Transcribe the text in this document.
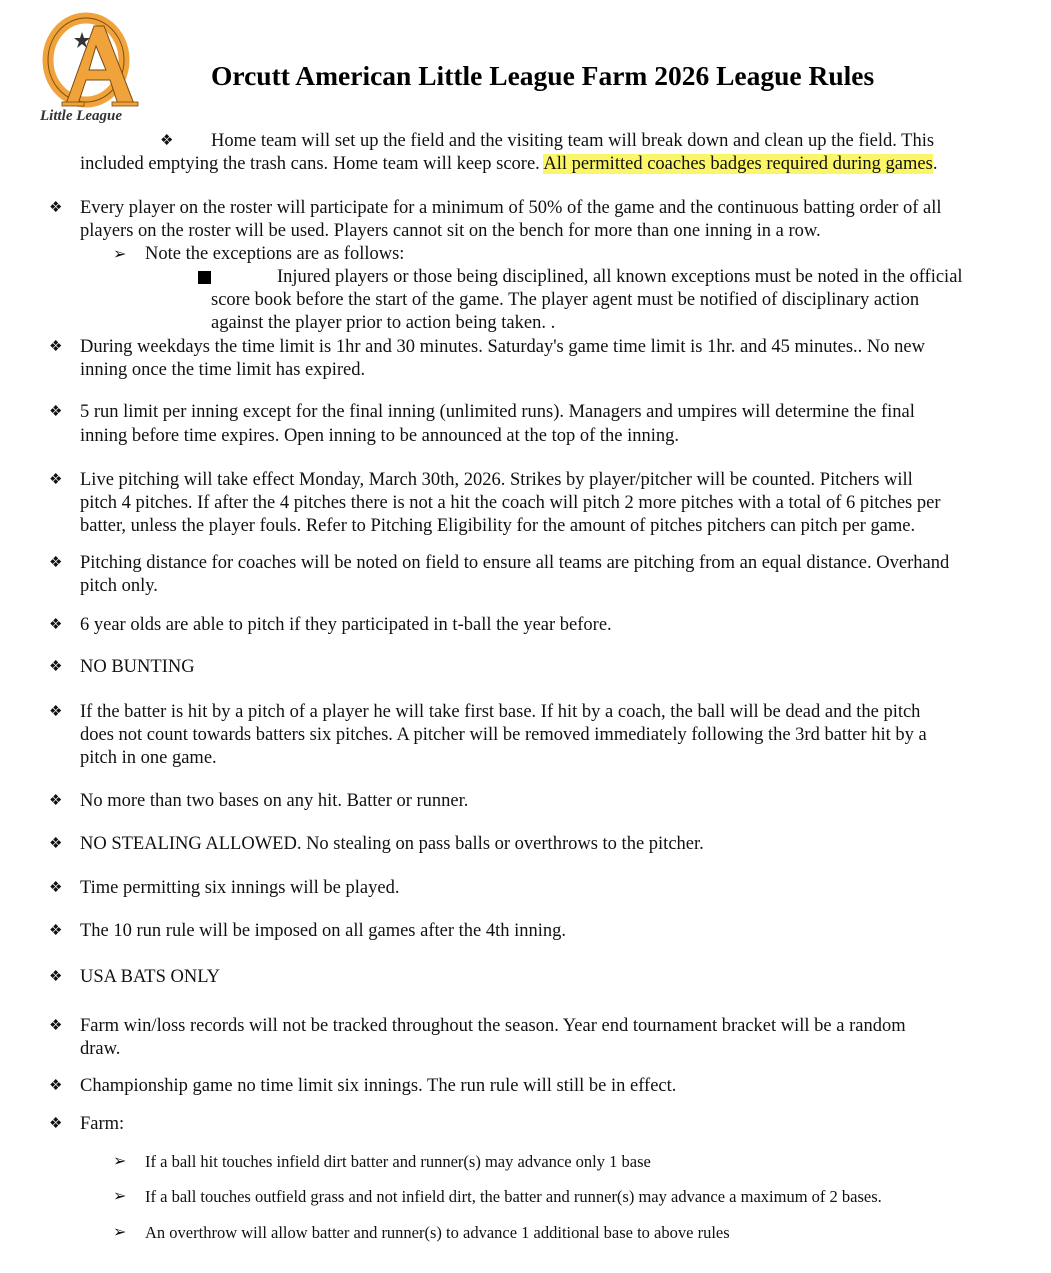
Little League
Orcutt American Little League Farm 2026 League Rules
❖ Home team will set up the field and the visiting team will break down and clean up the field. This
included emptying the trash cans. Home team will keep score. All permitted coaches badges required during games.
❖ Every player on the roster will participate for a minimum of 50% of the game and the continuous batting order of all
players on the roster will be used. Players cannot sit on the bench for more than one inning in a row.
➢ Note the exceptions are as follows:
Injured players or those being disciplined, all known exceptions must be noted in the official
score book before the start of the game. The player agent must be notified of disciplinary action
against the player prior to action being taken. .
❖ During weekdays the time limit is 1hr and 30 minutes. Saturday's game time limit is 1hr. and 45 minutes.. No new
inning once the time limit has expired.
❖ 5 run limit per inning except for the final inning (unlimited runs). Managers and umpires will determine the final
inning before time expires. Open inning to be announced at the top of the inning.
❖ Live pitching will take effect Monday, March 30th, 2026. Strikes by player/pitcher will be counted. Pitchers will
pitch 4 pitches. If after the 4 pitches there is not a hit the coach will pitch 2 more pitches with a total of 6 pitches per
batter, unless the player fouls. Refer to Pitching Eligibility for the amount of pitches pitchers can pitch per game.
❖ Pitching distance for coaches will be noted on field to ensure all teams are pitching from an equal distance. Overhand
pitch only.
❖ 6 year olds are able to pitch if they participated in t-ball the year before.
❖ NO BUNTING
❖ If the batter is hit by a pitch of a player he will take first base. If hit by a coach, the ball will be dead and the pitch
does not count towards batters six pitches. A pitcher will be removed immediately following the 3rd batter hit by a
pitch in one game.
❖ No more than two bases on any hit. Batter or runner.
❖ NO STEALING ALLOWED. No stealing on pass balls or overthrows to the pitcher.
❖ Time permitting six innings will be played.
❖ The 10 run rule will be imposed on all games after the 4th inning.
❖ USA BATS ONLY
❖ Farm win/loss records will not be tracked throughout the season. Year end tournament bracket will be a random
draw.
❖ Championship game no time limit six innings. The run rule will still be in effect.
❖ Farm:
➢ If a ball hit touches infield dirt batter and runner(s) may advance only 1 base
➢ If a ball touches outfield grass and not infield dirt, the batter and runner(s) may advance a maximum of 2 bases.
➢ An overthrow will allow batter and runner(s) to advance 1 additional base to above rules
